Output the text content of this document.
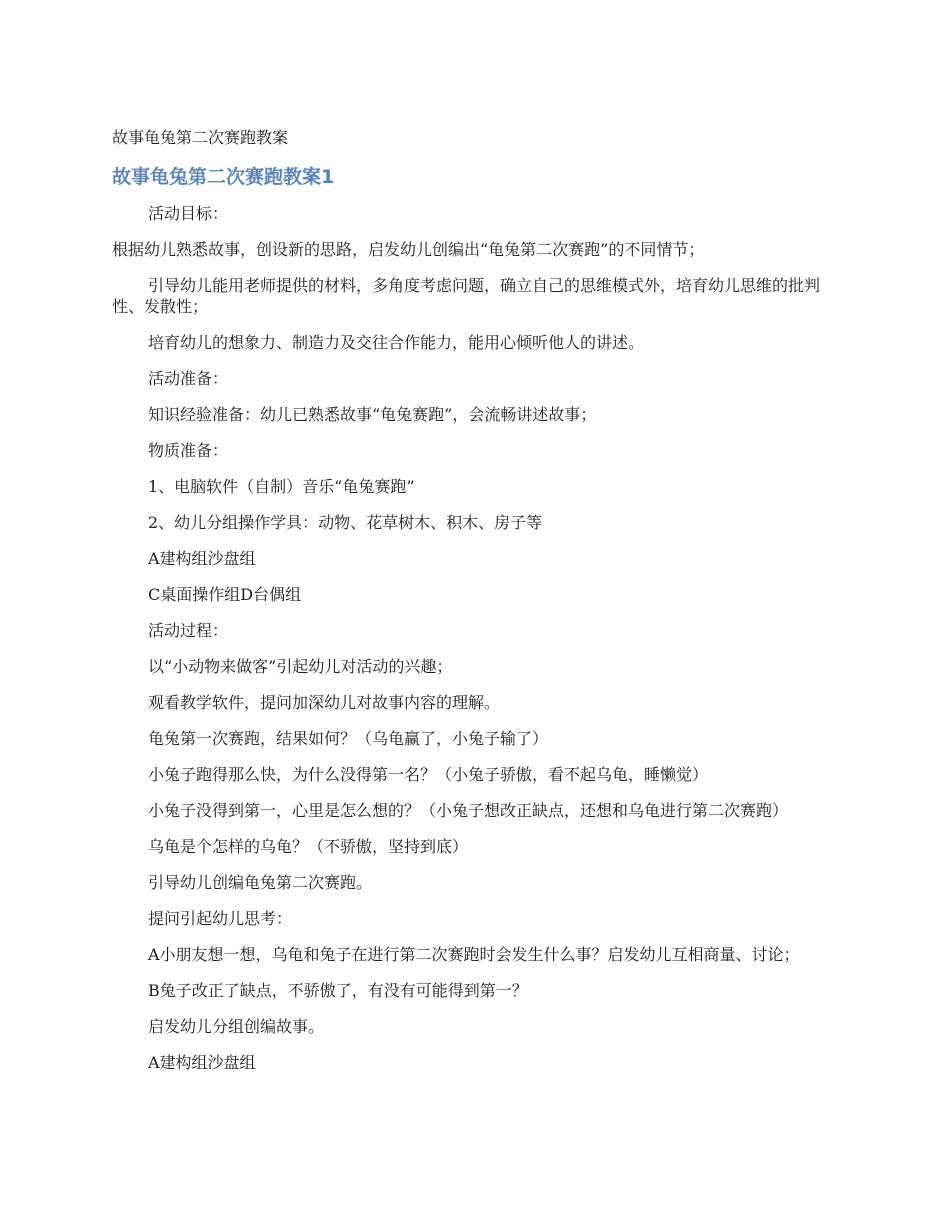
故事龟兔第二次赛跑教案
故事龟兔第二次赛跑教案1

活动目标：

根据幼儿熟悉故事，创设新的思路，启发幼儿创编出“龟兔第二次赛跑”的不同情节；

引导幼儿能用老师提供的材料，多角度考虑问题，确立自己的思维模式外，培育幼儿思维的批判性、发散性；

培育幼儿的想象力、制造力及交往合作能力，能用心倾听他人的讲述。

活动准备：

知识经验准备：幼儿已熟悉故事“龟兔赛跑”，会流畅讲述故事；

物质准备：

1、电脑软件（自制）音乐“龟兔赛跑”

2、幼儿分组操作学具：动物、花草树木、积木、房子等

A建构组沙盘组

C桌面操作组D台偶组

活动过程：

以“小动物来做客”引起幼儿对活动的兴趣；

观看教学软件，提问加深幼儿对故事内容的理解。

龟兔第一次赛跑，结果如何？（乌龟赢了，小兔子输了）

小兔子跑得那么快，为什么没得第一名？（小兔子骄傲，看不起乌龟，睡懒觉）

小兔子没得到第一，心里是怎么想的？（小兔子想改正缺点，还想和乌龟进行第二次赛跑）

乌龟是个怎样的乌龟？（不骄傲，坚持到底）

引导幼儿创编龟兔第二次赛跑。

提问引起幼儿思考：

A小朋友想一想，乌龟和兔子在进行第二次赛跑时会发生什么事？启发幼儿互相商量、讨论；

B兔子改正了缺点，不骄傲了，有没有可能得到第一？

启发幼儿分组创编故事。

A建构组沙盘组
